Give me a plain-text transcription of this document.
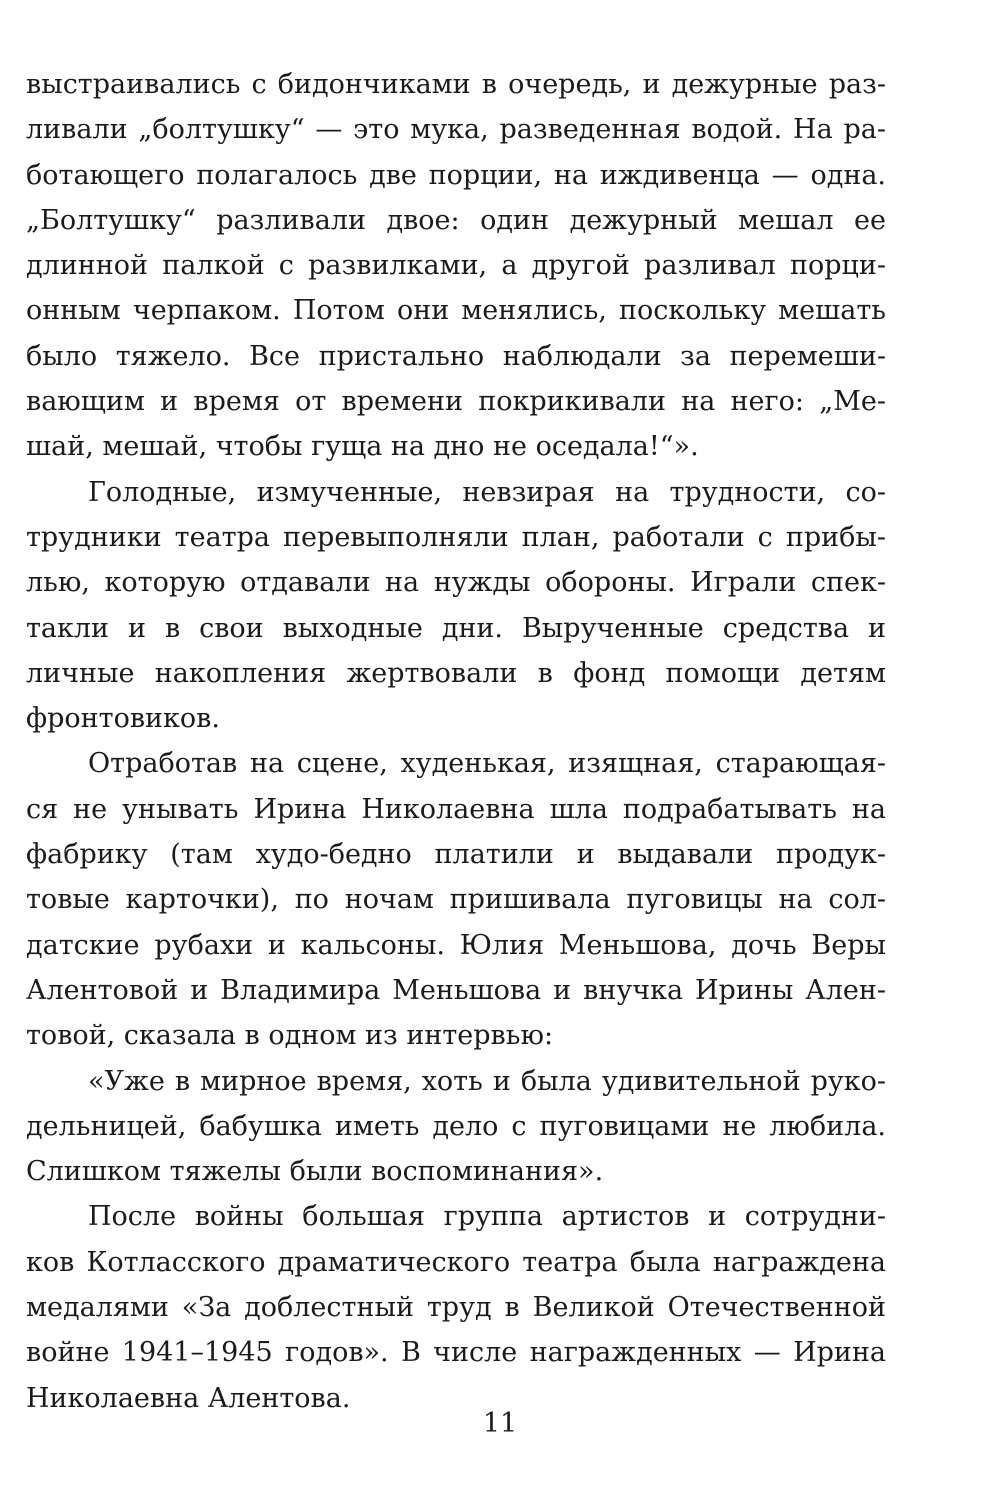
выстраивались с бидончиками в очередь, и дежурные раз-
ливали „болтушку“ — это мука, разведенная водой. На ра-
ботающего полагалось две порции, на иждивенца — одна.
„Болтушку“ разливали двое: один дежурный мешал ее
длинной палкой с развилками, а другой разливал порци-
онным черпаком. Потом они менялись, поскольку мешать
было тяжело. Все пристально наблюдали за перемеши-
вающим и время от времени покрикивали на него: „Ме-
шай, мешай, чтобы гуща на дно не оседала!“».
Голодные, измученные, невзирая на трудности, со-
трудники театра перевыполняли план, работали с прибы-
лью, которую отдавали на нужды обороны. Играли спек-
такли и в свои выходные дни. Вырученные средства и
личные накопления жертвовали в фонд помощи детям
фронтовиков.
Отработав на сцене, худенькая, изящная, старающая-
ся не унывать Ирина Николаевна шла подрабатывать на
фабрику (там худо-бедно платили и выдавали продук-
товые карточки), по ночам пришивала пуговицы на сол-
датские рубахи и кальсоны. Юлия Меньшова, дочь Веры
Алентовой и Владимира Меньшова и внучка Ирины Ален-
товой, сказала в одном из интервью:
«Уже в мирное время, хоть и была удивительной руко-
дельницей, бабушка иметь дело с пуговицами не любила.
Слишком тяжелы были воспоминания».
После войны большая группа артистов и сотрудни-
ков Котласского драматического театра была награждена
медалями «За доблестный труд в Великой Отечественной
войне 1941–1945 годов». В числе награжденных — Ирина
Николаевна Алентова.
11
